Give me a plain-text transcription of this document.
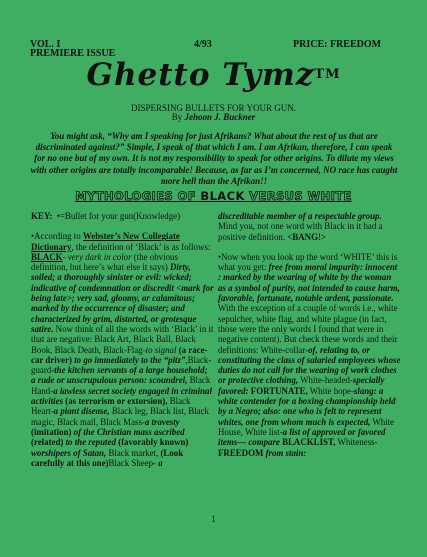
VOL. I
PREMIERE ISSUE
4/93	PRICE: FREEDOM
Ghetto Tymz™
DISPERSING BULLETS FOR YOUR GUN.
By Jehoon J. Buckner
You might ask, “Why am I speaking for just Afrikans? What about the rest of us that are discriminated against?” Simple, I speak of that which I am. I am Afrikan, therefore, I can speak for no one but of my own. It is not my responsibility to speak for other origins. To dilute my views with other origins are totally incomparable! Because, as far as I’m concerned, NO race has caught more hell than the Afrikan!!
MYTHOLOGIES OF BLACK VERSUS WHITE

KEY: •=Bullet for your gun(Knowledge)

•According to Webster’s New Collegiate Dictionary, the definition of ‘Black’ is as follows: BLACK- very dark in color (the obvious definition, but here’s what else it says) Dirty, soiled; a thoroughly sinister or evil: wicked; indicative of condemnation or discredit <mark for being late>; very sad, gloomy, or calamitous; marked by the occurrence of disaster; and characterized by grim, distorted, or grotesque satire. Now think of all the words with ‘Black’ in it that are negative: Black Art, Black Ball, Black Book, Black Death, Black-Flag-to signal (a race-car driver) to go immediately to the “pitz”,Black-guard-the kitchen servants of a large household; a rude or unscrupulous person: scoundrel, Black Hand-a lawless secret society engaged in criminal activities (as terrorism or extorsion), Black Heart-a plant disease, Black leg, Black list, Black magic, Black mail, Black Mass-a travesty (imitation) of the Christian mass ascribed (related) to the reputed (favorably known) worshipers of Satan, Black market, (Look carefully at this one)Black Sheep- a

discreditable member of a respectable group. Mind you, not one word with Black in it had a positive definition. <BANG!>

•Now when you look up the word ‘WHITE’ this is what you get: free from moral impurity: innocent : marked by the wearing of white by the woman as a symbol of purity, not intended to cause harm, favorable, fortunate, notable ardent, passionate. With the exception of a couple of words i.e., white sepulcher, white flag, and white plague (in fact, those were the only words I found that were in negative content). But check these words and their definitions: White-collar-of, relating to, or constituting the class of salaried employees whose duties do not call for the wearing of work clothes or protective clothing, White-headed-specially favored: FORTUNATE, White hope-slang: a white contender for a boxing championship held by a Negro; also: one who is felt to represent whites, one from whom much is expected, White House, White list-a list of approved or favored items— compare BLACKLIST, Whiteness-FREEDOM from stain:

1
